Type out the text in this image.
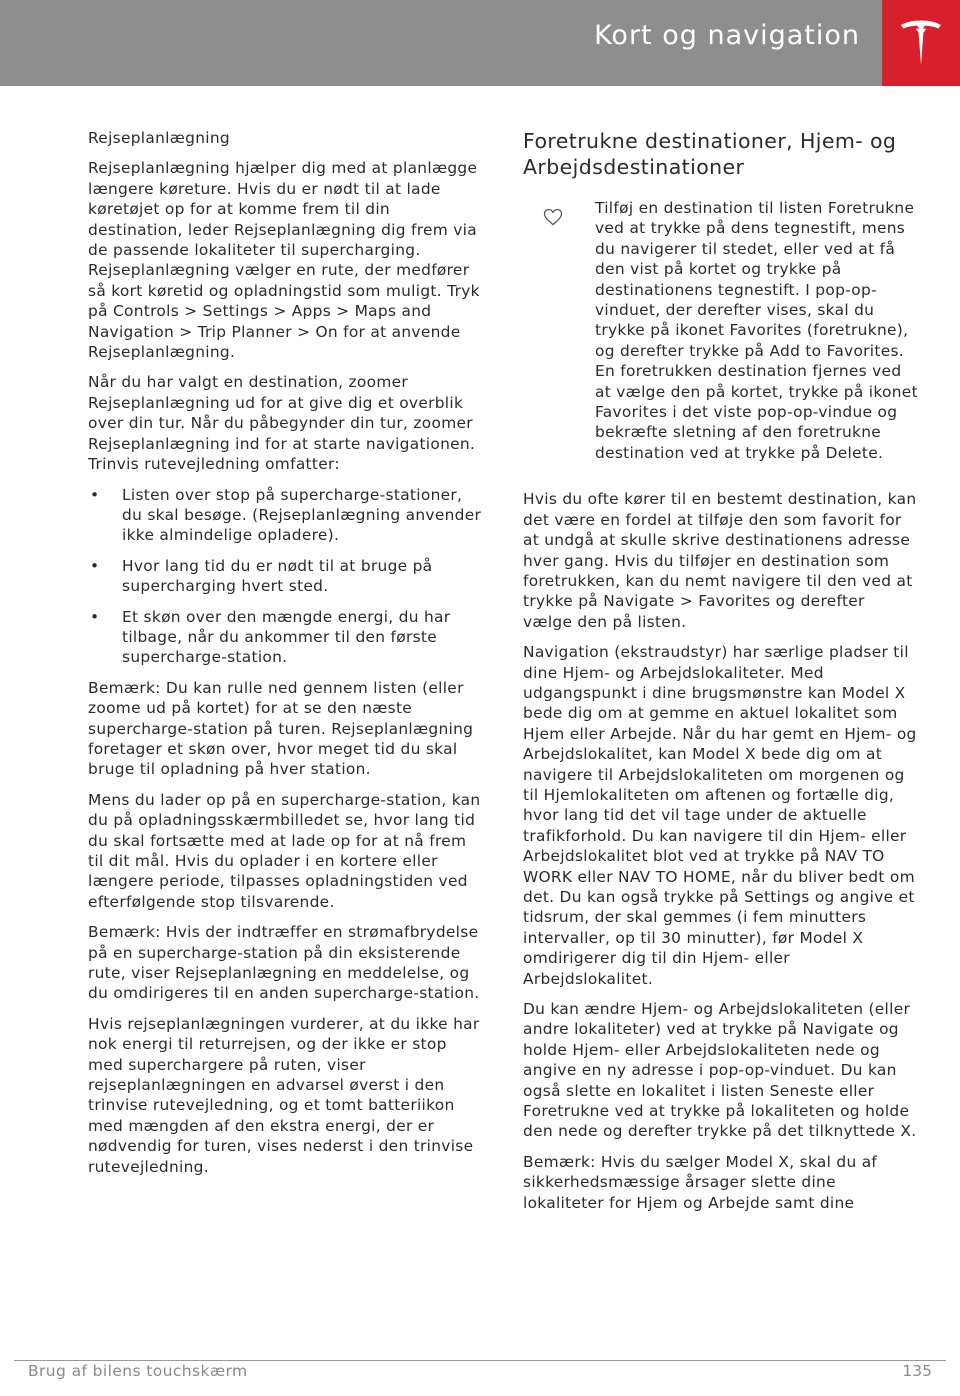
Kort og navigation

Rejseplanlægning

Rejseplanlægning hjælper dig med at planlægge længere køreture. Hvis du er nødt til at lade køretøjet op for at komme frem til din destination, leder Rejseplanlægning dig frem via de passende lokaliteter til supercharging. Rejseplanlægning vælger en rute, der medfører så kort køretid og opladningstid som muligt. Tryk på Controls > Settings > Apps > Maps and Navigation > Trip Planner > On for at anvende Rejseplanlægning.

Når du har valgt en destination, zoomer Rejseplanlægning ud for at give dig et overblik over din tur. Når du påbegynder din tur, zoomer Rejseplanlægning ind for at starte navigationen. Trinvis rutevejledning omfatter:

• Listen over stop på supercharge-stationer, du skal besøge. (Rejseplanlægning anvender ikke almindelige opladere).
• Hvor lang tid du er nødt til at bruge på supercharging hvert sted.
• Et skøn over den mængde energi, du har tilbage, når du ankommer til den første supercharge-station.

Bemærk: Du kan rulle ned gennem listen (eller zoome ud på kortet) for at se den næste supercharge-station på turen. Rejseplanlægning foretager et skøn over, hvor meget tid du skal bruge til opladning på hver station.

Mens du lader op på en supercharge-station, kan du på opladningsskærmbilledet se, hvor lang tid du skal fortsætte med at lade op for at nå frem til dit mål. Hvis du oplader i en kortere eller længere periode, tilpasses opladningstiden ved efterfølgende stop tilsvarende.

Bemærk: Hvis der indtræffer en strømafbrydelse på en supercharge-station på din eksisterende rute, viser Rejseplanlægning en meddelelse, og du omdirigeres til en anden supercharge-station.

Hvis rejseplanlægningen vurderer, at du ikke har nok energi til returrejsen, og der ikke er stop med superchargere på ruten, viser rejseplanlægningen en advarsel øverst i den trinvise rutevejledning, og et tomt batteriikon med mængden af den ekstra energi, der er nødvendig for turen, vises nederst i den trinvise rutevejledning.

Foretrukne destinationer, Hjem- og Arbejdsdestinationer
Tilføj en destination til listen Foretrukne ved at trykke på dens tegnestift, mens du navigerer til stedet, eller ved at få den vist på kortet og trykke på destinationens tegnestift. I pop-op-vinduet, der derefter vises, skal du trykke på ikonet Favorites (foretrukne), og derefter trykke på Add to Favorites. En foretrukken destination fjernes ved at vælge den på kortet, trykke på ikonet Favorites i det viste pop-op-vindue og bekræfte sletning af den foretrukne destination ved at trykke på Delete.

Hvis du ofte kører til en bestemt destination, kan det være en fordel at tilføje den som favorit for at undgå at skulle skrive destinationens adresse hver gang. Hvis du tilføjer en destination som foretrukken, kan du nemt navigere til den ved at trykke på Navigate > Favorites og derefter vælge den på listen.

Navigation (ekstraudstyr) har særlige pladser til dine Hjem- og Arbejdslokaliteter. Med udgangspunkt i dine brugsmønstre kan Model X bede dig om at gemme en aktuel lokalitet som Hjem eller Arbejde. Når du har gemt en Hjem- og Arbejdslokalitet, kan Model X bede dig om at navigere til Arbejdslokaliteten om morgenen og til Hjemlokaliteten om aftenen og fortælle dig, hvor lang tid det vil tage under de aktuelle trafikforhold. Du kan navigere til din Hjem- eller Arbejdslokalitet blot ved at trykke på NAV TO WORK eller NAV TO HOME, når du bliver bedt om det. Du kan også trykke på Settings og angive et tidsrum, der skal gemmes (i fem minutters intervaller, op til 30 minutter), før Model X omdirigerer dig til din Hjem- eller Arbejdslokalitet.

Du kan ændre Hjem- og Arbejdslokaliteten (eller andre lokaliteter) ved at trykke på Navigate og holde Hjem- eller Arbejdslokaliteten nede og angive en ny adresse i pop-op-vinduet. Du kan også slette en lokalitet i listen Seneste eller Foretrukne ved at trykke på lokaliteten og holde den nede og derefter trykke på det tilknyttede X.

Bemærk: Hvis du sælger Model X, skal du af sikkerhedsmæssige årsager slette dine lokaliteter for Hjem og Arbejde samt dine

Brug af bilens touchskærm	135
